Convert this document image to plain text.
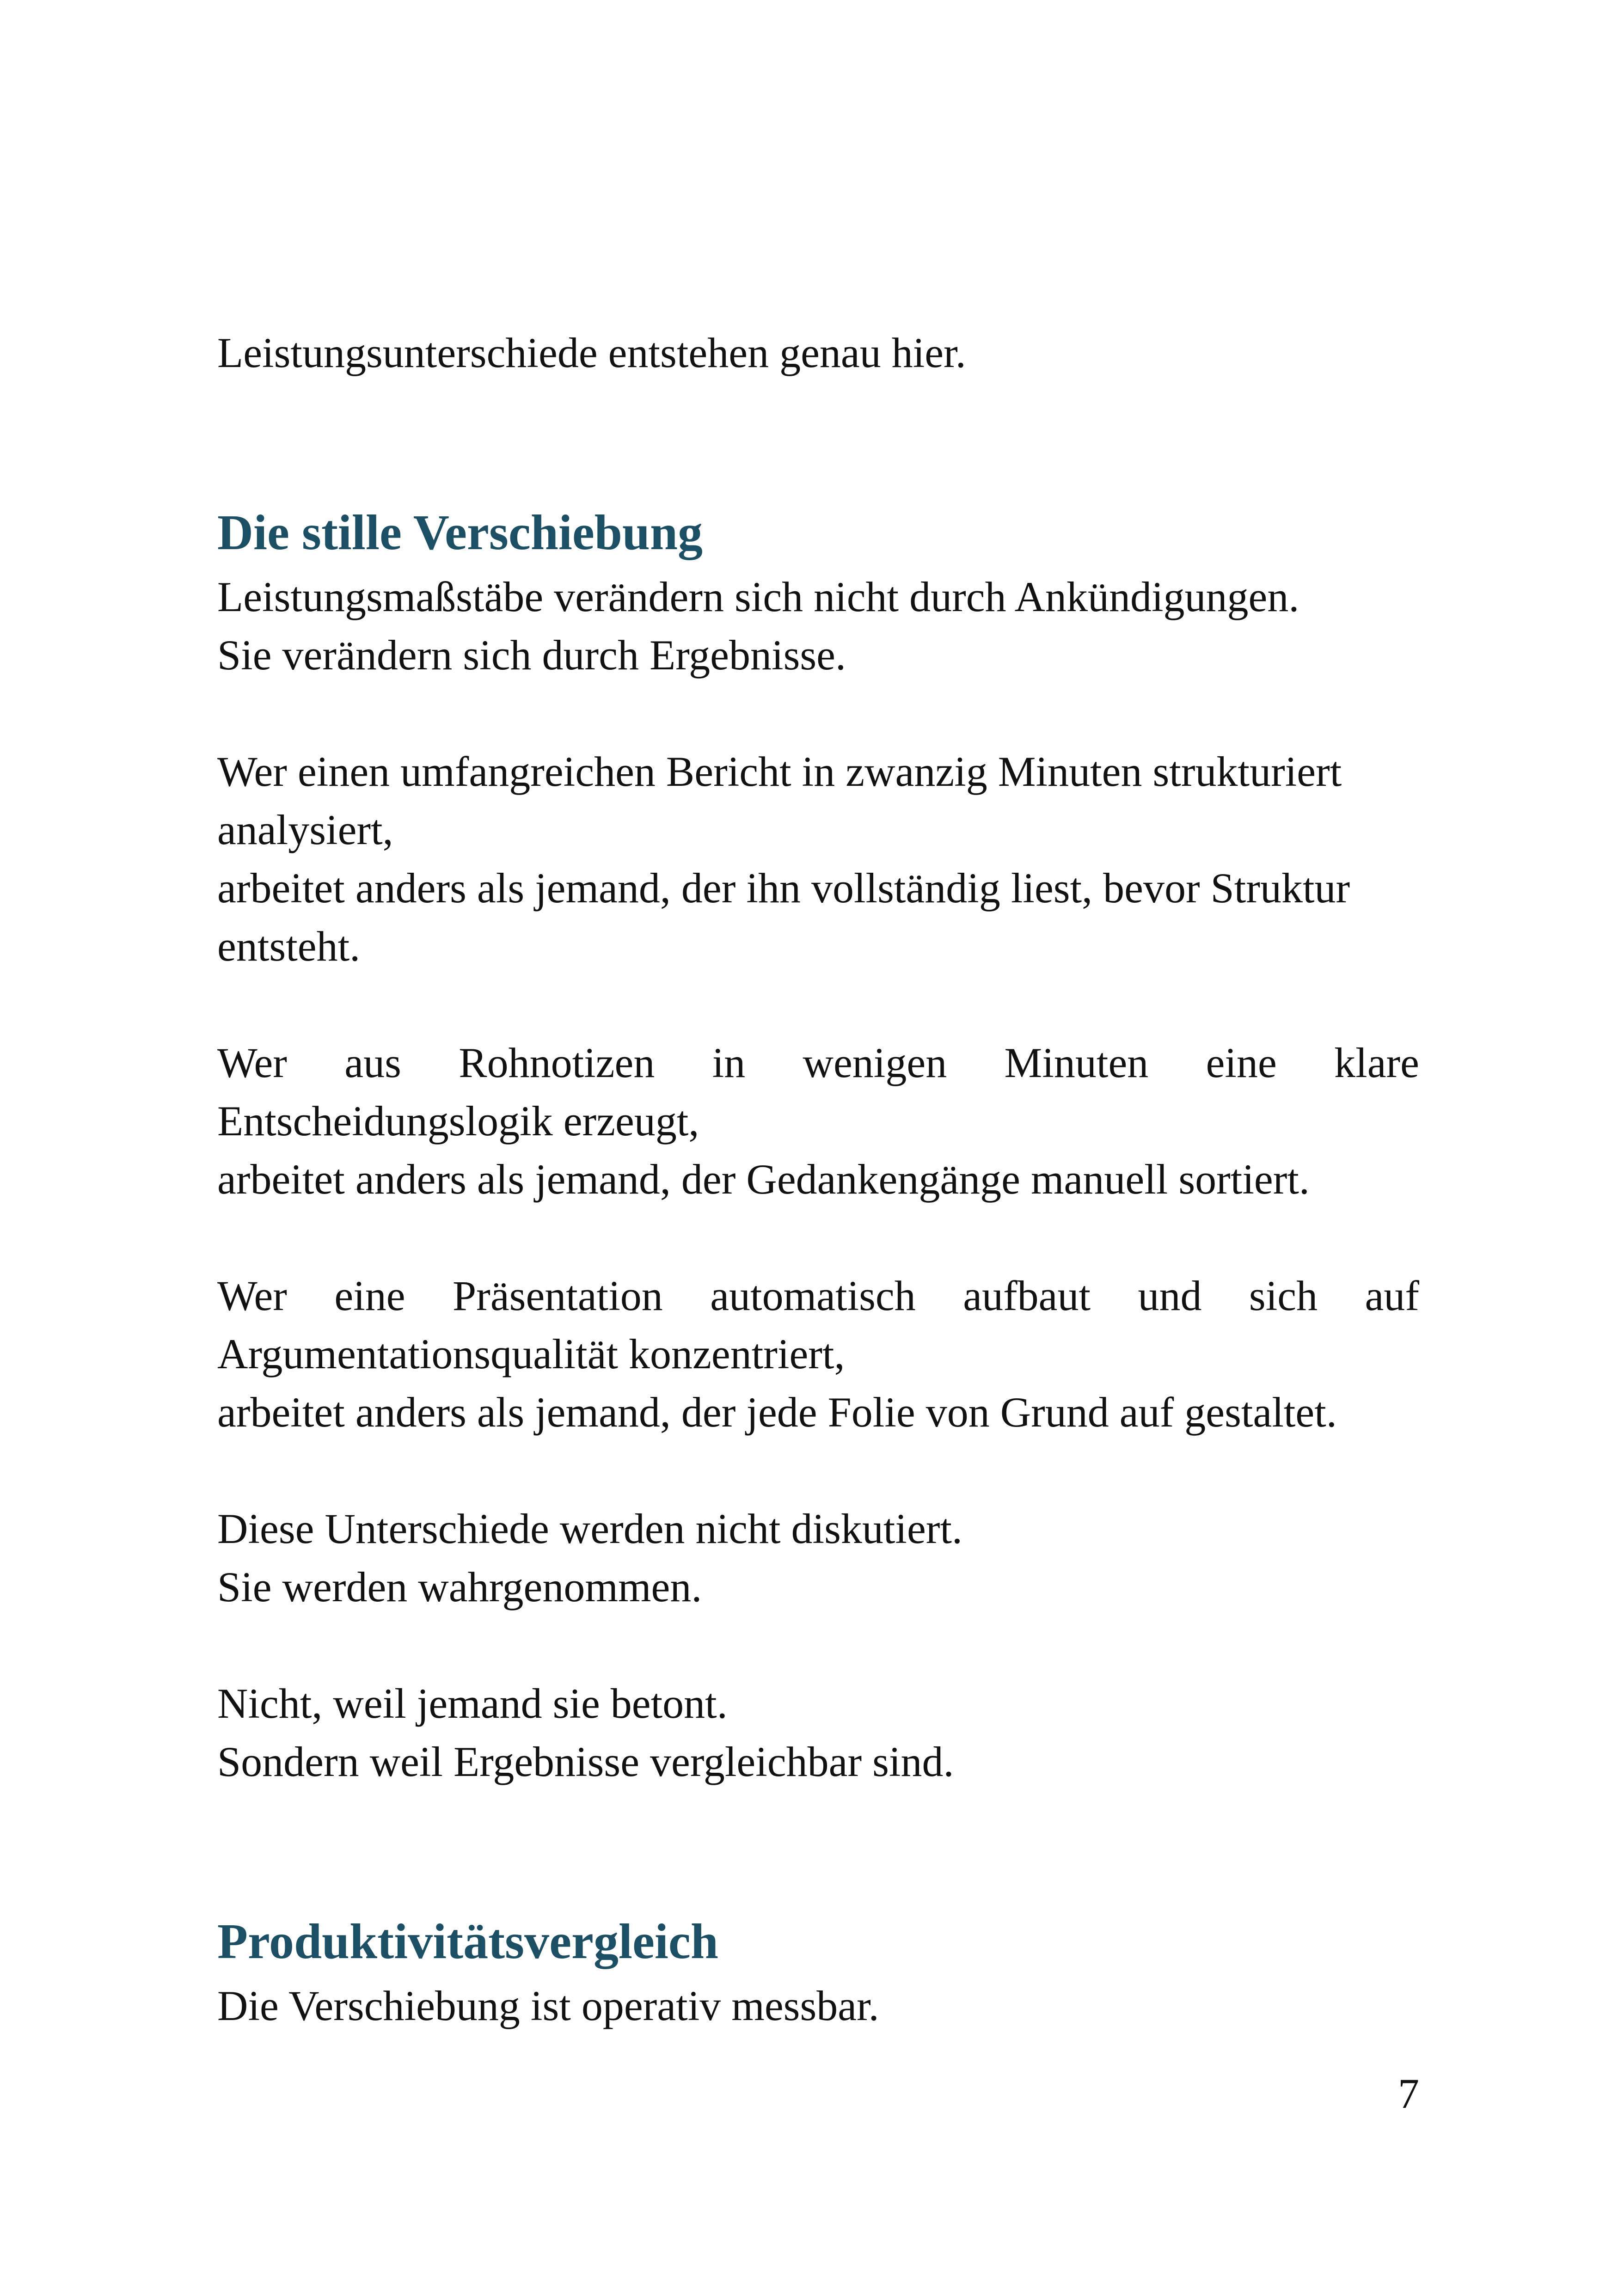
Leistungsunterschiede entstehen genau hier.

Die stille Verschiebung

Leistungsmaßstäbe verändern sich nicht durch Ankündigungen.
Sie verändern sich durch Ergebnisse.

Wer einen umfangreichen Bericht in zwanzig Minuten strukturiert
analysiert,
arbeitet anders als jemand, der ihn vollständig liest, bevor Struktur
entsteht.

Wer aus Rohnotizen in wenigen Minuten eine klare
Entscheidungslogik erzeugt,
arbeitet anders als jemand, der Gedankengänge manuell sortiert.

Wer eine Präsentation automatisch aufbaut und sich auf
Argumentationsqualität konzentriert,
arbeitet anders als jemand, der jede Folie von Grund auf gestaltet.

Diese Unterschiede werden nicht diskutiert.
Sie werden wahrgenommen.

Nicht, weil jemand sie betont.
Sondern weil Ergebnisse vergleichbar sind.

Produktivitätsvergleich

Die Verschiebung ist operativ messbar.

7
